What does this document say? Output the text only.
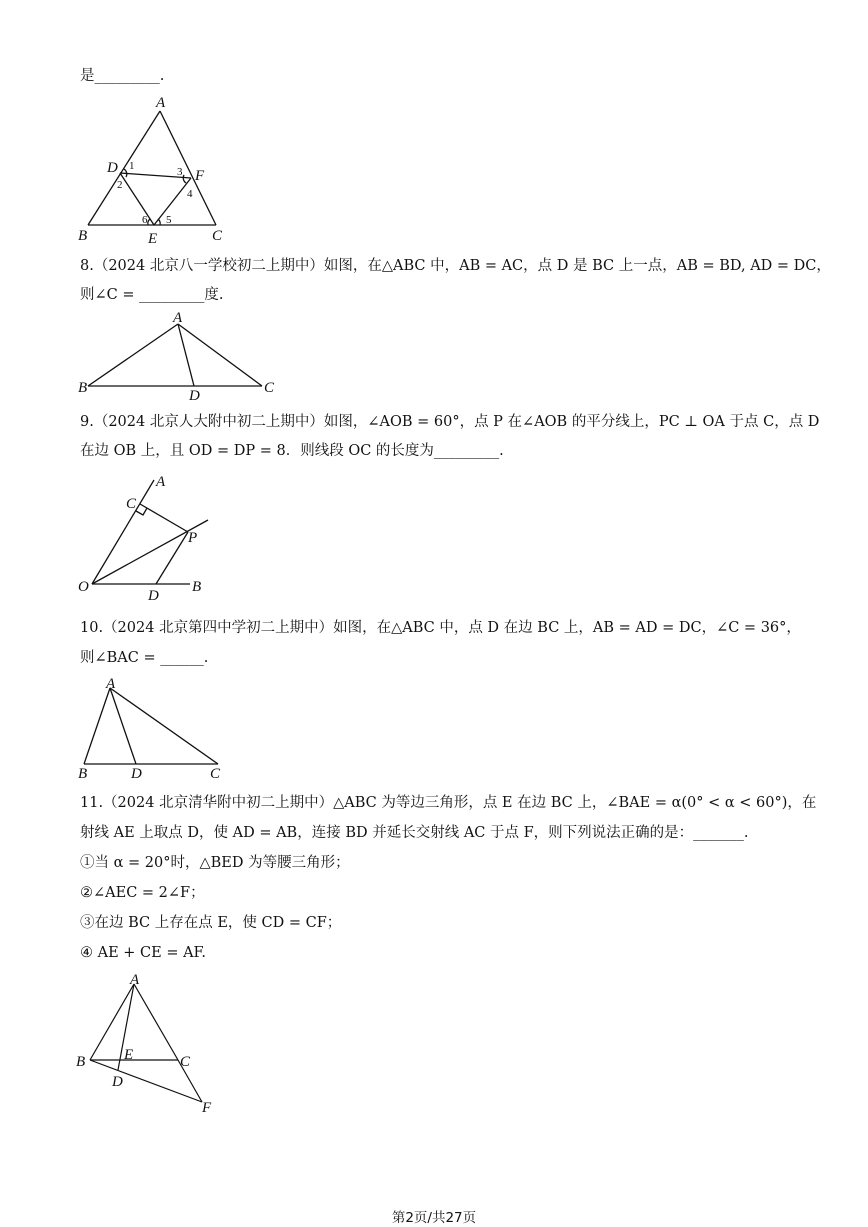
是_________.
A
B	C
D
E
F
1
2
3
4
5
6
8.（2024 北京八一学校初二上期中）如图，在△ABC 中，AB = AC，点 D 是 BC 上一点，AB = BD, AD = DC，
则∠C = _________度.
A
B	C
D
9.（2024 北京人大附中初二上期中）如图，∠AOB = 60°，点 P 在∠AOB 的平分线上，PC ⊥ OA 于点 C，点 D
在边 OB 上，且 OD = DP = 8．则线段 OC 的长度为_________.
A
B
C
D
O
P
10.（2024 北京第四中学初二上期中）如图，在△ABC 中，点 D 在边 BC 上，AB = AD = DC，∠C = 36°，
则∠BAC = ______.
A
B	C
D
11.（2024 北京清华附中初二上期中）△ABC 为等边三角形，点 E 在边 BC 上，∠BAE = α(0° < α < 60°)，在
射线 AE 上取点 D，使 AD = AB，连接 BD 并延长交射线 AC 于点 F，则下列说法正确的是：_______.
①当 α = 20°时，△BED 为等腰三角形；
②∠AEC = 2∠F；
③在边 BC 上存在点 E，使 CD = CF；
④ AE + CE = AF.
A
B	C
D
E
F
第2页/共27页
